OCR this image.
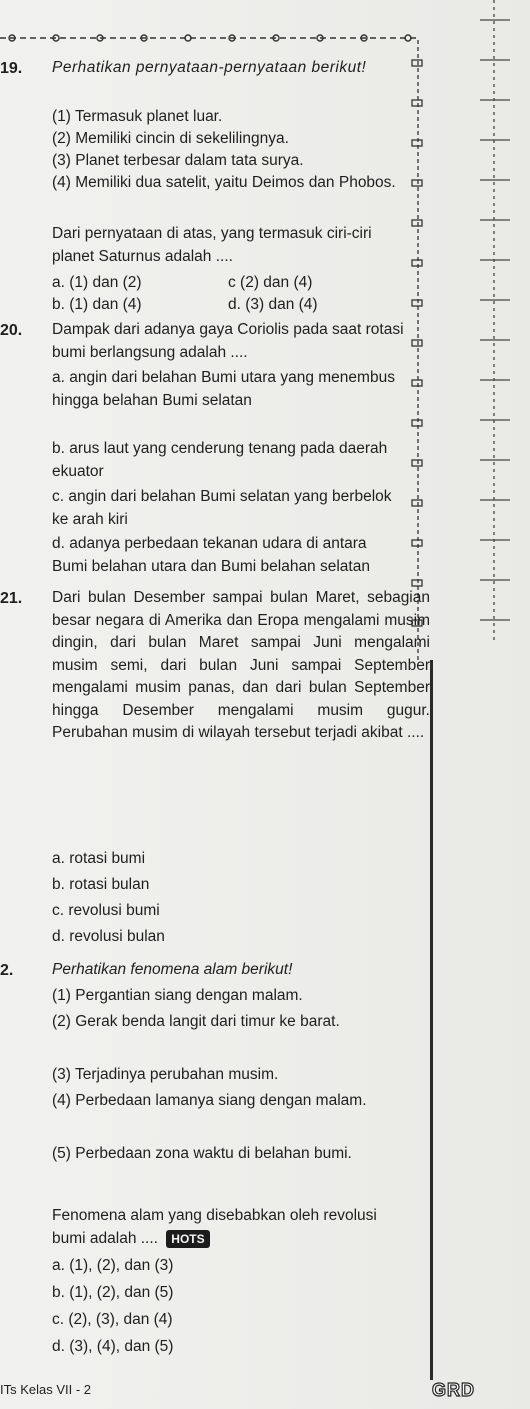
19. Perhatikan pernyataan-pernyataan berikut!
(1) Termasuk planet luar.
(2) Memiliki cincin di sekelilingnya.
(3) Planet terbesar dalam tata surya.
(4) Memiliki dua satelit, yaitu Deimos dan Phobos.
Dari pernyataan di atas, yang termasuk ciri-ciri planet Saturnus adalah ....
a. (1) dan (2)	c (2) dan (4)
b. (1) dan (4)	d. (3) dan (4)
20. Dampak dari adanya gaya Coriolis pada saat rotasi bumi berlangsung adalah ....
a. angin dari belahan Bumi utara yang menembus hingga belahan Bumi selatan
b. arus laut yang cenderung tenang pada daerah ekuator
c. angin dari belahan Bumi selatan yang berbelok ke arah kiri
d. adanya perbedaan tekanan udara di antara Bumi belahan utara dan Bumi belahan selatan
21. Dari bulan Desember sampai bulan Maret, sebagian besar negara di Amerika dan Eropa mengalami musim dingin, dari bulan Maret sampai Juni mengalami musim semi, dari bulan Juni sampai September mengalami musim panas, dan dari bulan September hingga Desember mengalami musim gugur. Perubahan musim di wilayah tersebut terjadi akibat ....
a. rotasi bumi
b. rotasi bulan
c. revolusi bumi
d. revolusi bulan
2. Perhatikan fenomena alam berikut!
(1) Pergantian siang dengan malam.
(2) Gerak benda langit dari timur ke barat.
(3) Terjadinya perubahan musim.
(4) Perbedaan lamanya siang dengan malam.
(5) Perbedaan zona waktu di belahan bumi.
Fenomena alam yang disebabkan oleh revolusi bumi adalah .... HOTS
a. (1), (2), dan (3)
b. (1), (2), dan (5)
c. (2), (3), dan (4)
d. (3), (4), dan (5)
ITs Kelas VII - 2	GRD
